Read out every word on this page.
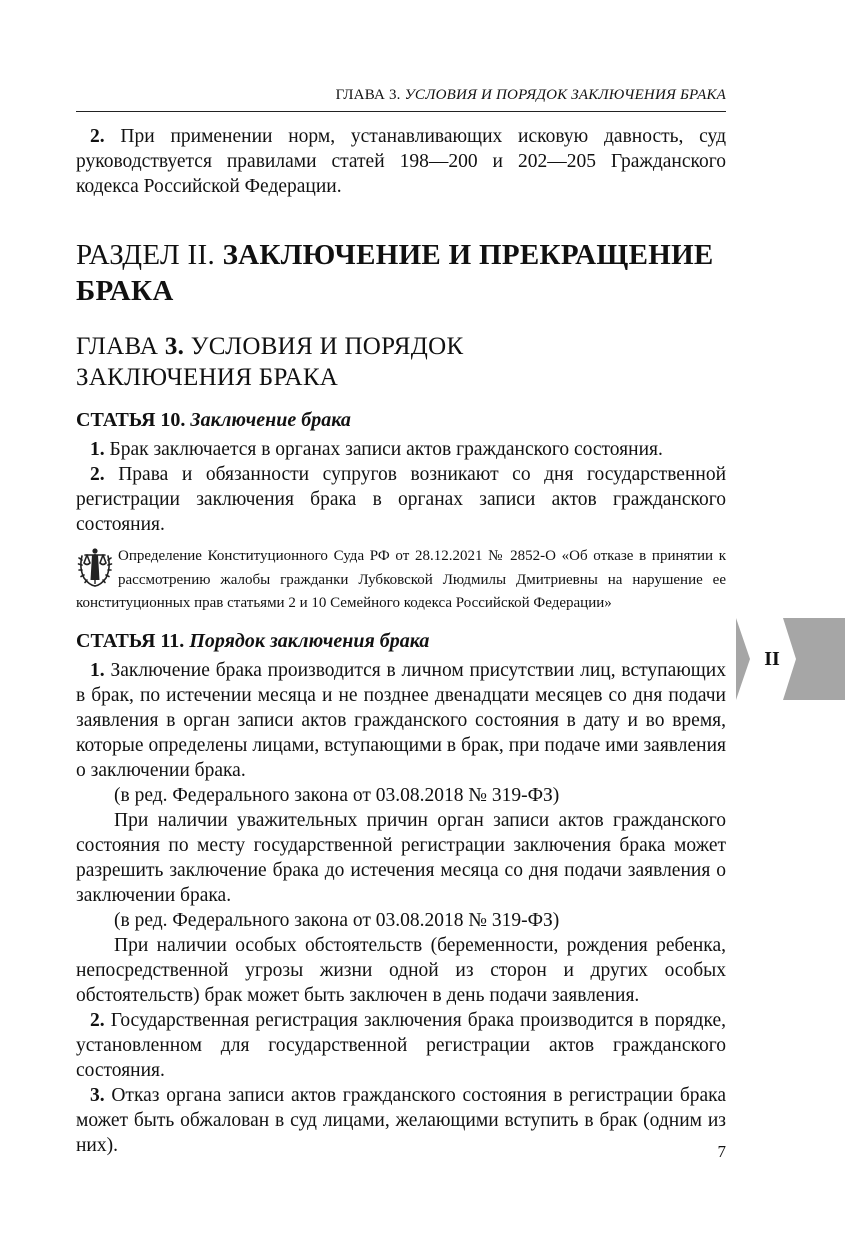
ГЛАВА 3. УСЛОВИЯ И ПОРЯДОК ЗАКЛЮЧЕНИЯ БРАКА

2. При применении норм, устанавливающих исковую давность, суд руководствуется правилами статей 198—200 и 202—205 Гражданского кодекса Российской Федерации.

РАЗДЕЛ II. ЗАКЛЮЧЕНИЕ И ПРЕКРАЩЕНИЕ БРАКА
ГЛАВА 3. УСЛОВИЯ И ПОРЯДОК
ЗАКЛЮЧЕНИЯ БРАКА
СТАТЬЯ 10. Заключение брака

1. Брак заключается в органах записи актов гражданского состояния.

2. Права и обязанности супругов возникают со дня государственной регистрации заключения брака в органах записи актов гражданского состояния.

Определение Конституционного Суда РФ от 28.12.2021 № 2852-О «Об отказе в принятии к рассмотрению жалобы гражданки Лубковской Людмилы Дмитриевны на нарушение ее конституционных прав статьями 2 и 10 Семейного кодекса Российской Федерации»
СТАТЬЯ 11. Порядок заключения брака

1. Заключение брака производится в личном присутствии лиц, вступающих в брак, по истечении месяца и не позднее двенадцати месяцев со дня подачи заявления в орган записи актов гражданского состояния в дату и во время, которые определены лицами, вступающими в брак, при подаче ими заявления о заключении брака.

(в ред. Федерального закона от 03.08.2018 № 319-ФЗ)

При наличии уважительных причин орган записи актов гражданского состояния по месту государственной регистрации заключения брака может разрешить заключение брака до истечения месяца со дня подачи заявления о заключении брака.

(в ред. Федерального закона от 03.08.2018 № 319-ФЗ)

При наличии особых обстоятельств (беременности, рождения ребенка, непосредственной угрозы жизни одной из сторон и других особых обстоятельств) брак может быть заключен в день подачи заявления.

2. Государственная регистрация заключения брака производится в порядке, установленном для государственной регистрации актов гражданского состояния.

3. Отказ органа записи актов гражданского состояния в регистрации брака может быть обжалован в суд лицами, желающими вступить в брак (одним из них).

II
7
